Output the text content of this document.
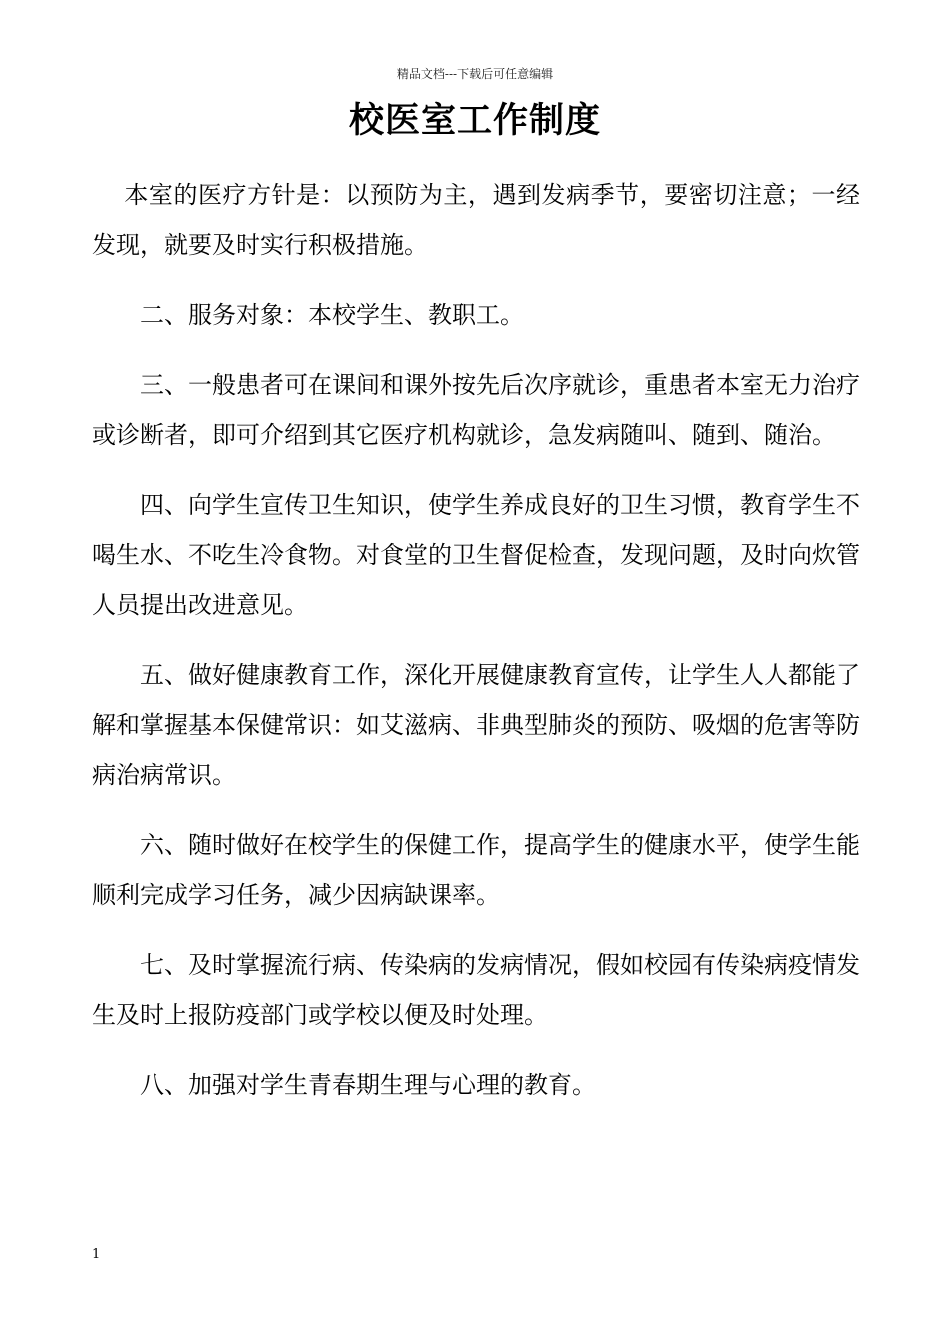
精品文档---下载后可任意编辑
校医室工作制度

本室的医疗方针是：以预防为主，遇到发病季节，要密切注意；一经发现，就要及时实行积极措施。

二、服务对象：本校学生、教职工。

三、一般患者可在课间和课外按先后次序就诊，重患者本室无力治疗或诊断者，即可介绍到其它医疗机构就诊，急发病随叫、随到、随治。

四、向学生宣传卫生知识，使学生养成良好的卫生习惯，教育学生不喝生水、不吃生冷食物。对食堂的卫生督促检查，发现问题，及时向炊管人员提出改进意见。

五、做好健康教育工作，深化开展健康教育宣传，让学生人人都能了解和掌握基本保健常识：如艾滋病、非典型肺炎的预防、吸烟的危害等防病治病常识。

六、随时做好在校学生的保健工作，提高学生的健康水平，使学生能顺利完成学习任务，减少因病缺课率。

七、及时掌握流行病、传染病的发病情况，假如校园有传染病疫情发生及时上报防疫部门或学校以便及时处理。

八、加强对学生青春期生理与心理的教育。

1
